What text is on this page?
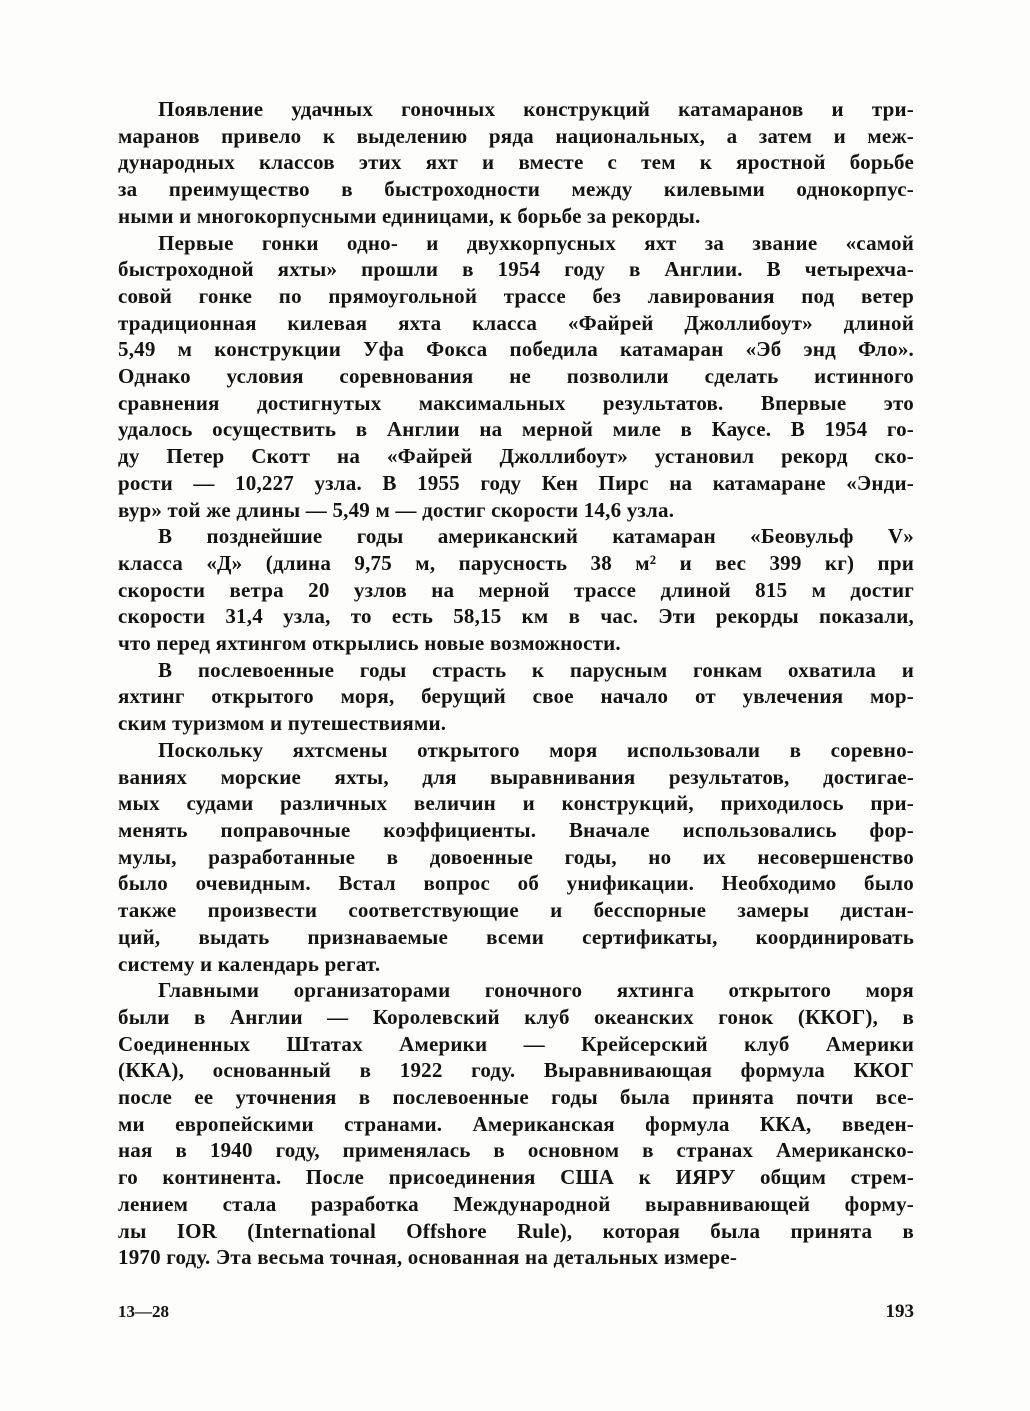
Появление удачных гоночных конструкций катамаранов и три-
маранов привело к выделению ряда национальных, а затем и меж-
дународных классов этих яхт и вместе с тем к яростной борьбе
за преимущество в быстроходности между килевыми однокорпус-
ными и многокорпусными единицами, к борьбе за рекорды.
Первые гонки одно- и двухкорпусных яхт за звание «самой
быстроходной яхты» прошли в 1954 году в Англии. В четырехча-
совой гонке по прямоугольной трассе без лавирования под ветер
традиционная килевая яхта класса «Файрей Джоллибоут» длиной
5,49 м конструкции Уфа Фокса победила катамаран «Эб энд Фло».
Однако условия соревнования не позволили сделать истинного
сравнения достигнутых максимальных результатов. Впервые это
удалось осуществить в Англии на мерной миле в Каусе. В 1954 го-
ду Петер Скотт на «Файрей Джоллибоут» установил рекорд ско-
рости — 10,227 узла. В 1955 году Кен Пирс на катамаране «Энди-
вур» той же длины — 5,49 м — достиг скорости 14,6 узла.
В позднейшие годы американский катамаран «Беовульф V»
класса «Д» (длина 9,75 м, парусность 38 м² и вес 399 кг) при
скорости ветра 20 узлов на мерной трассе длиной 815 м достиг
скорости 31,4 узла, то есть 58,15 км в час. Эти рекорды показали,
что перед яхтингом открылись новые возможности.
В послевоенные годы страсть к парусным гонкам охватила и
яхтинг открытого моря, берущий свое начало от увлечения мор-
ским туризмом и путешествиями.
Поскольку яхтсмены открытого моря использовали в соревно-
ваниях морские яхты, для выравнивания результатов, достигае-
мых судами различных величин и конструкций, приходилось при-
менять поправочные коэффициенты. Вначале использовались фор-
мулы, разработанные в довоенные годы, но их несовершенство
было очевидным. Встал вопрос об унификации. Необходимо было
также произвести соответствующие и бесспорные замеры дистан-
ций, выдать признаваемые всеми сертификаты, координировать
систему и календарь регат.
Главными организаторами гоночного яхтинга открытого моря
были в Англии — Королевский клуб океанских гонок (ККОГ), в
Соединенных Штатах Америки — Крейсерский клуб Америки
(ККА), основанный в 1922 году. Выравнивающая формула ККОГ
после ее уточнения в послевоенные годы была принята почти все-
ми европейскими странами. Американская формула ККА, введен-
ная в 1940 году, применялась в основном в странах Американско-
го континента. После присоединения США к ИЯРУ общим стрем-
лением стала разработка Международной выравнивающей форму-
лы IOR (International Offshore Rule), которая была принята в
1970 году. Эта весьма точная, основанная на детальных измере-
13—28	193
